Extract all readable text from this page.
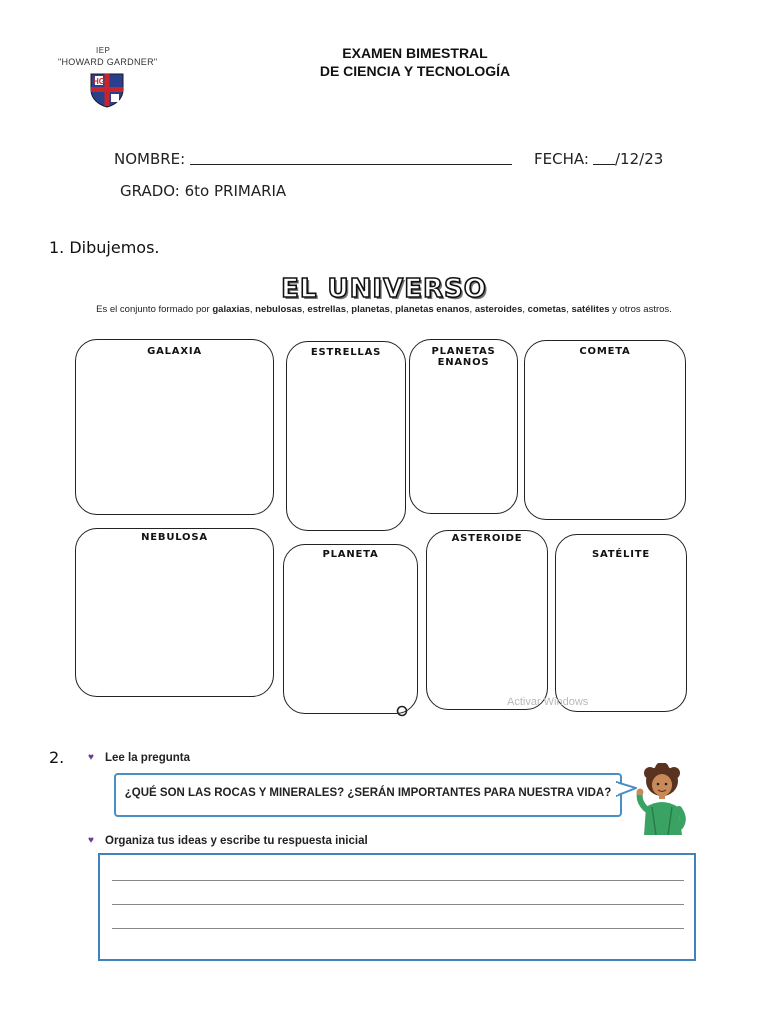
IEP
"HOWARD GARDNER"
HG
EXAMEN BIMESTRAL
DE CIENCIA Y TECNOLOGÍA
NOMBRE:	FECHA: /12/23
GRADO: 6to PRIMARIA
1. Dibujemos.
EL UNIVERSO
Es el conjunto formado por galaxias, nebulosas, estrellas, planetas, planetas enanos, asteroides, cometas, satélites y otros astros.
GALAXIA	ESTRELLAS	PLANETAS
ENANOS
COMETA
NEBULOSA
PLANETA
ASTEROIDE
SATÉLITE
Activar Windows
2. ♥ Lee la pregunta
¿QUÉ SON LAS ROCAS Y MINERALES? ¿SERÁN IMPORTANTES PARA NUESTRA VIDA?
♥ Organiza tus ideas y escribe tu respuesta inicial
